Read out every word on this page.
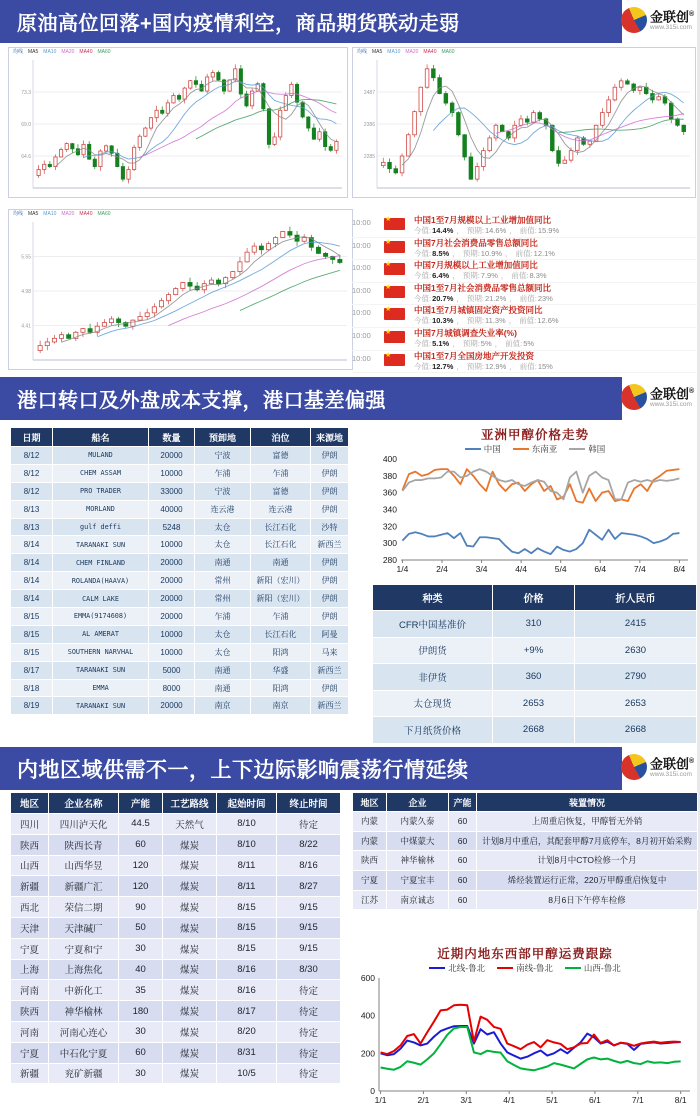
原油高位回落+国内疫情利空，商品期货联动走弱	金联创®
www.315i.com
均线 MA5 MA10 MA20 MA40 MA60
73.3
69.0
64.6
均线 MA5 MA10 MA20 MA40 MA60
2487
2386
2285
均线 MA5 MA10 MA20 MA40 MA60
5.55
4.98
4.41
10:00	★	中国1至7月规模以上工业增加值同比
今值:14.4% ， 预期:14.6% ， 前值:15.9%
10:00	★	中国7月社会消费品零售总额同比
今值:8.5% ， 预期:10.9% ， 前值:12.1%
10:00	★	中国7月规模以上工业增加值同比
今值:6.4% ， 预期:7.9% ， 前值:8.3%
10:00	★	中国1至7月社会消费品零售总额同比
今值:20.7% ， 预期:21.2% ， 前值:23%
10:00	★	中国1至7月城镇固定资产投资同比
今值:10.3% ， 预期:11.3% ， 前值:12.6%
10:00	★	中国7月城镇调查失业率(%)
今值:5.1% ， 预期:5% ， 前值:5%
10:00	★	中国1至7月全国房地产开发投资
今值:12.7% ， 预期:12.9% ， 前值:15%
港口转口及外盘成本支撑，港口基差偏强	金联创®
www.315i.com
日期	船名	数量	预卸地	泊位	来源地
8/12	MULAND	20000	宁波	富德	伊朗
8/12	CHEM ASSAM	10000	乍浦	乍浦	伊朗
8/12	PRO TRADER	33000	宁波	富德	伊朗
8/13	MORLAND	40000	连云港	连云港	伊朗
8/13	gulf deffi	5248	太仓	长江石化	沙特
8/14	TARANAKI SUN	10000	太仓	长江石化	新西兰
8/14	CHEM FINLAND	20000	南通	南通	伊朗
8/14	ROLANDA(HAAVA)	20000	常州	新阳（宏川）	伊朗
8/14	CALM LAKE	20000	常州	新阳（宏川）	伊朗
8/15	EMMA(9174608)	20000	乍浦	乍浦	伊朗
8/15	AL AMERAT	10000	太仓	长江石化	阿曼
8/15	SOUTHERN NARVHAL	10000	太仓	阳鸿	马来
8/17	TARANAKI SUN	5000	南通	华盛	新西兰
8/18	EMMA	8000	南通	阳鸿	伊朗
8/19	TARANAKI SUN	20000	南京	南京	新西兰
亚洲甲醇价格走势
中国	东南亚	韩国
280
300
320
340
360
380
400
1/4	2/4	3/4	4/4	5/4	6/4	7/4	8/4
种类	价格	折人民币
CFR中国基准价	310	2415
伊朗货	+9%	2630
非伊货	360	2790
太仓现货	2653	2653
下月纸货价格	2668	2668
内地区域供需不一，上下边际影响震荡行情延续	金联创®
www.315i.com
地区	企业名称	产能	工艺路线	起始时间	终止时间
四川	四川泸天化	44.5	天然气	8/10	待定
陕西	陕西长青	60	煤炭	8/10	8/22
山西	山西华昱	120	煤炭	8/11	8/16
新疆	新疆广汇	120	煤炭	8/11	8/27
西北	荣信二期	90	煤炭	8/15	9/15
天津	天津碱厂	50	煤炭	8/15	9/15
宁夏	宁夏和宁	30	煤炭	8/15	9/15
上海	上海焦化	40	煤炭	8/16	8/30
河南	中新化工	35	煤炭	8/16	待定
陕西	神华榆林	180	煤炭	8/17	待定
河南	河南心连心	30	煤炭	8/20	待定
宁夏	中石化宁夏	60	煤炭	8/31	待定
新疆	兖矿新疆	30	煤炭	10/5	待定
地区	企业	产能	装置情况
内蒙	内蒙久泰	60	上周重启恢复，甲醇暂无外销
内蒙	中煤蒙大	60	计划8月中重启，其配套甲醇7月底停车，8月初开始采购
陕西	神华榆林	60	计划8月中CTO检修一个月
宁夏	宁夏宝丰	60	烯烃装置运行正常，220万甲醇重启恢复中
江苏	南京诚志	60	8月6日下午停车检修
近期内地东西部甲醇运费跟踪
北线-鲁北	南线-鲁北	山西-鲁北
0
200
400
600
1/1	2/1	3/1	4/1	5/1	6/1	7/1	8/1
